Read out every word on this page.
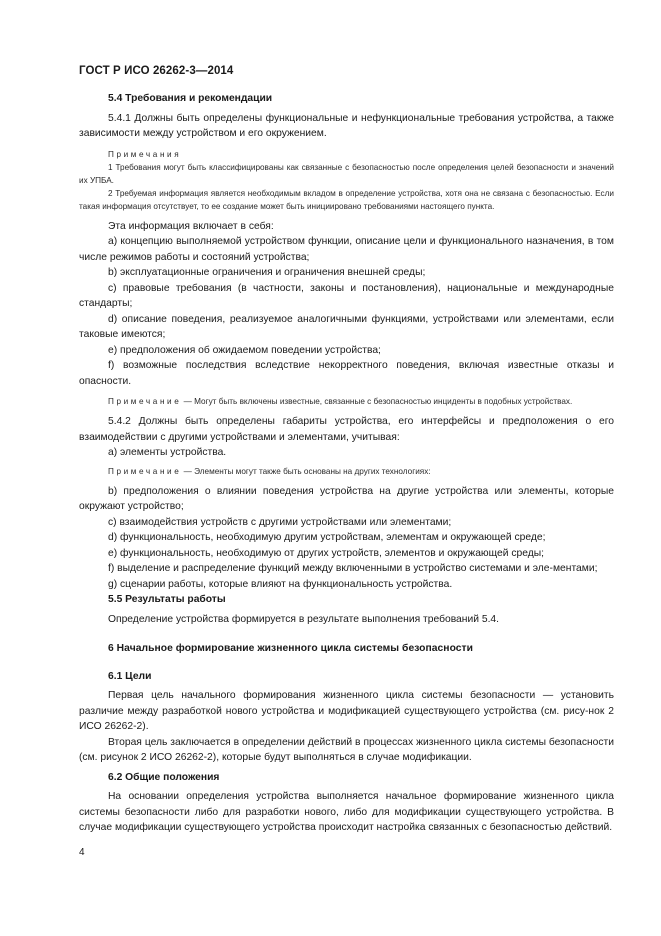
ГОСТ Р ИСО 26262-3—2014

5.4 Требования и рекомендации

5.4.1 Должны быть определены функциональные и нефункциональные требования устройства, а также зависимости между устройством и его окружением.

Примечания

1 Требования могут быть классифицированы как связанные с безопасностью после определения целей безопасности и значений их УПБА.

2 Требуемая информация является необходимым вкладом в определение устройства, хотя она не связана с безопасностью. Если такая информация отсутствует, то ее создание может быть инициировано требованиями настоящего пункта.

Эта информация включает в себя:

а) концепцию выполняемой устройством функции, описание цели и функционального назначения, в том числе режимов работы и состояний устройства;

b) эксплуатационные ограничения и ограничения внешней среды;

c) правовые требования (в частности, законы и постановления), национальные и международные стандарты;

d) описание поведения, реализуемое аналогичными функциями, устройствами или элементами, если таковые имеются;

e) предположения об ожидаемом поведении устройства;

f) возможные последствия вследствие некорректного поведения, включая известные отказы и опасности.

Примечание — Могут быть включены известные, связанные с безопасностью инциденты в подобных устройствах.

5.4.2 Должны быть определены габариты устройства, его интерфейсы и предположения о его взаимодействии с другими устройствами и элементами, учитывая:

а) элементы устройства.

Примечание — Элементы могут также быть основаны на других технологиях:

b) предположения о влиянии поведения устройства на другие устройства или элементы, которые окружают устройство;

c) взаимодействия устройств с другими устройствами или элементами;

d) функциональность, необходимую другим устройствам, элементам и окружающей среде;

e) функциональность, необходимую от других устройств, элементов и окружающей среды;

f) выделение и распределение функций между включенными в устройство системами и эле-ментами;

g) сценарии работы, которые влияют на функциональность устройства.

5.5 Результаты работы

Определение устройства формируется в результате выполнения требований 5.4.

6 Начальное формирование жизненного цикла системы безопасности

6.1 Цели

Первая цель начального формирования жизненного цикла системы безопасности — установить различие между разработкой нового устройства и модификацией существующего устройства (см. рису-нок 2 ИСО 26262-2).

Вторая цель заключается в определении действий в процессах жизненного цикла системы безопасности (см. рисунок 2 ИСО 26262-2), которые будут выполняться в случае модификации.

6.2 Общие положения

На основании определения устройства выполняется начальное формирование жизненного цикла системы безопасности либо для разработки нового, либо для модификации существующего устройства. В случае модификации существующего устройства происходит настройка связанных с безопасностью действий.

4
